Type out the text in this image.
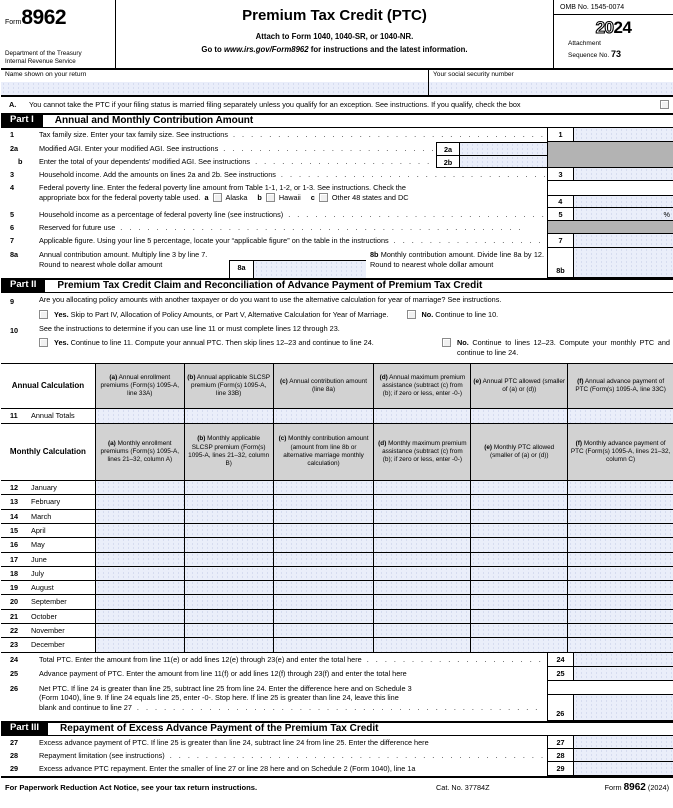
Form8962
Department of the Treasury
Internal Revenue Service
Premium Tax Credit (PTC)
Attach to Form 1040, 1040-SR, or 1040-NR.
Go to www.irs.gov/Form8962 for instructions and the latest information.
OMB No. 1545-0074
2024
Attachment
Sequence No. 73
Name shown on your return	Your social security number
A.	You cannot take the PTC if your filing status is married filing separately unless you qualify for an exception. See instructions. If you qualify, check the box
Part I	Annual and Monthly Contribution Amount
1	Tax family size. Enter your tax family size. See instructions . . .	1
2a	Modified AGI. Enter your modified AGI. See instructions . . .	2a
b	Enter the total of your dependents’ modified AGI. See instructions . . .	2b
3	Household income. Add the amounts on lines 2a and 2b. See instructions . . .	3
4	Federal poverty line. Enter the federal poverty line amount from Table 1-1, 1-2, or 1-3. See instructions. Check the
appropriate box for the federal poverty table used. a Alaska b Hawaii c Other 48 states and DC	4
5	Household income as a percentage of federal poverty line (see instructions) . . .	5	%
6	Reserved for future use
. . .
7	Applicable figure. Using your line 5 percentage, locate your “applicable figure” on the table in the instructions . . .	7
8a	Annual contribution amount. Multiply line 3 by line 7. Round to nearest whole dollar amount	8a
8b Monthly contribution amount. Divide line 8a by 12. Round to nearest whole dollar amount
8b
Part II	Premium Tax Credit Claim and Reconciliation of Advance Payment of Premium Tax Credit
9	Are you allocating policy amounts with another taxpayer or do you want to use the alternative calculation for year of marriage? See instructions.
Yes. Skip to Part IV, Allocation of Policy Amounts, or Part V, Alternative Calculation for Year of Marriage.	No. Continue to line 10.
10	See the instructions to determine if you can use line 11 or must complete lines 12 through 23.
Yes. Continue to line 11. Compute your annual PTC. Then skip lines 12–23 and continue to line 24.	No. Continue to lines 12–23. Compute your monthly PTC and continue to line 24.
Annual Calculation
(a) Annual enrollment premiums (Form(s) 1095-A, line 33A)
(b) Annual applicable SLCSP premium (Form(s) 1095-A, line 33B)
(c) Annual contribution amount (line 8a)
(d) Annual maximum premium assistance (subtract (c) from (b); if zero or less, enter -0-)
(e) Annual PTC allowed (smaller of (a) or (d))
(f) Annual advance payment of PTC (Form(s) 1095-A, line 33C)
11	Annual Totals
Monthly Calculation
(a) Monthly enrollment premiums (Form(s) 1095-A, lines 21–32, column A)
(b) Monthly applicable SLCSP premium (Form(s) 1095-A, lines 21–32, column B)
(c) Monthly contribution amount (amount from line 8b or alternative marriage monthly calculation)
(d) Monthly maximum premium assistance (subtract (c) from (b); if zero or less, enter -0-)
(e) Monthly PTC allowed (smaller of (a) or (d))
(f) Monthly advance payment of PTC (Form(s) 1095-A, lines 21–32, column C)
12	January
13	February
14	March
15	April
16	May
17	June
18	July
19	August
20	September
21	October
22	November
23	December
24	Total PTC. Enter the amount from line 11(e) or add lines 12(e) through 23(e) and enter the total here . . .	24
25	Advance payment of PTC. Enter the amount from line 11(f) or add lines 12(f) through 23(f) and enter the total here	25
26	Net PTC. If line 24 is greater than line 25, subtract line 25 from line 24. Enter the difference here and on Schedule 3
(Form 1040), line 9. If line 24 equals line 25, enter -0-. Stop here. If line 25 is greater than line 24, leave this line
blank and continue to line 27
. . .
26
Part III	Repayment of Excess Advance Payment of the Premium Tax Credit
27	Excess advance payment of PTC. If line 25 is greater than line 24, subtract line 24 from line 25. Enter the difference here	27
28	Repayment limitation (see instructions) . . .	28
29	Excess advance PTC repayment. Enter the smaller of line 27 or line 28 here and on Schedule 2 (Form 1040), line 1a	29
For Paperwork Reduction Act Notice, see your tax return instructions.	Cat. No. 37784Z	Form 8962 (2024)
